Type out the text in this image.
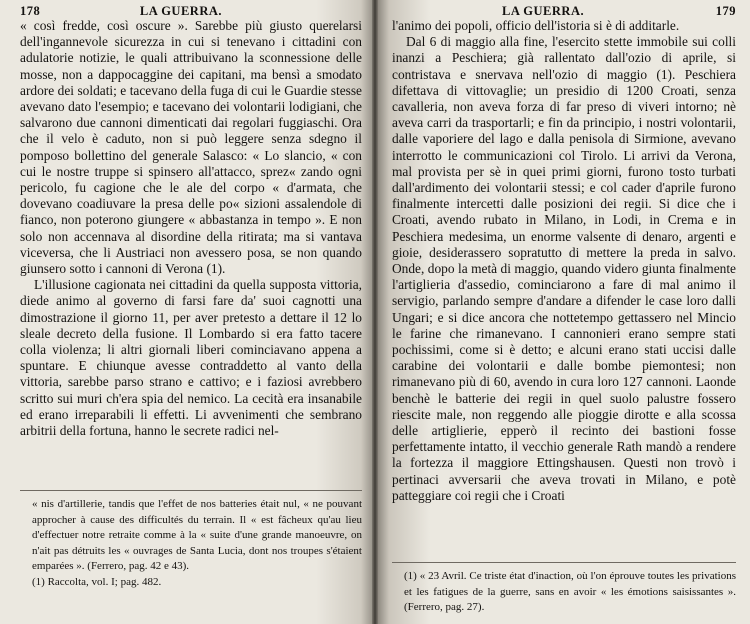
178	LA GUERRA.

« così fredde, così oscure ». Sarebbe più giusto querelarsi dell'ingannevole sicurezza in cui si tenevano i cittadini con adulatorie notizie, le quali attribuivano la sconnessione delle mosse, non a dappocaggine dei capitani, ma bensì a smodato ardore dei soldati; e tacevano della fuga di cui le Guardie stesse avevano dato l'esempio; e tacevano dei volontarii lodigiani, che salvarono due cannoni dimenticati dai regolari fuggiaschi. Ora che il velo è caduto, non si può leggere senza sdegno il pomposo bollettino del generale Salasco: « Lo slancio, « con cui le nostre truppe si spinsero all'attacco, sprez« zando ogni pericolo, fu cagione che le ale del corpo « d'armata, che dovevano coadiuvare la presa delle po« sizioni assalendole di fianco, non poterono giungere « abbastanza in tempo ». E non solo non accennava al disordine della ritirata; ma si vantava viceversa, che li Austriaci non avessero posa, se non quando giunsero sotto i cannoni di Verona (1).

L'illusione cagionata nei cittadini da quella supposta vittoria, diede animo al governo di farsi fare da' suoi cagnotti una dimostrazione il giorno 11, per aver pretesto a dettare il 12 lo sleale decreto della fusione. Il Lombardo si era fatto tacere colla violenza; li altri giornali liberi cominciavano appena a spuntare. E chiunque avesse contraddetto al vanto della vittoria, sarebbe parso strano e cattivo; e i faziosi avrebbero scritto sui muri ch'era spia del nemico. La cecità era insanabile ed erano irreparabili li effetti. Li avvenimenti che sembrano arbitrii della fortuna, hanno le secrete radici nel-

« nis d'artillerie, tandis que l'effet de nos batteries était nul, « ne pouvant approcher à cause des difficultés du terrain. Il « est fâcheux qu'au lieu d'effectuer notre retraite comme à la « suite d'une grande manoeuvre, on n'ait pas détruits les « ouvrages de Santa Lucia, dont nos troupes s'étaient emparées ». (Ferrero, pag. 42 e 43).

(1) Raccolta, vol. I; pag. 482.

LA GUERRA.	179

l'animo dei popoli, officio dell'istoria si è di additarle.

Dal 6 di maggio alla fine, l'esercito stette immobile sui colli inanzi a Peschiera; già rallentato dall'ozio di aprile, si contristava e snervava nell'ozio di maggio (1). Peschiera difettava di vittovaglie; un presidio di 1200 Croati, senza cavalleria, non aveva forza di far preso di viveri intorno; nè aveva carri da trasportarli; e fin da principio, i nostri volontarii, dalle vaporiere del lago e dalla penisola di Sirmione, avevano interrotto le communicazioni col Tirolo. Li arrivi da Verona, mal provista per sè in quei primi giorni, furono tosto turbati dall'ardimento dei volontarii stessi; e col cader d'aprile furono finalmente intercetti dalle posizioni dei regii. Si dice che i Croati, avendo rubato in Milano, in Lodi, in Crema e in Peschiera medesima, un enorme valsente di denaro, argenti e gioie, desiderassero sopratutto di mettere la preda in salvo. Onde, dopo la metà di maggio, quando videro giunta finalmente l'artiglieria d'assedio, cominciarono a fare di mal animo il servigio, parlando sempre d'andare a difender le case loro dalli Ungari; e si dice ancora che nottetempo gettassero nel Mincio le farine che rimanevano. I cannonieri erano sempre stati pochissimi, come si è detto; e alcuni erano stati uccisi dalle carabine dei volontarii e dalle bombe piemontesi; non rimanevano più di 60, avendo in cura loro 127 cannoni. Laonde benchè le batterie dei regii in quel suolo palustre fossero riescite male, non reggendo alle pioggie dirotte e alla scossa delle artiglierie, epperò il recinto dei bastioni fosse perfettamente intatto, il vecchio generale Rath mandò a rendere la fortezza il maggiore Ettingshausen. Questi non trovò i pertinaci avversarii che aveva trovati in Milano, e potè patteggiare coi regii che i Croati

(1) « 23 Avril. Ce triste état d'inaction, où l'on éprouve toutes les privations et les fatigues de la guerre, sans en avoir « les émotions saisissantes ». (Ferrero, pag. 27).
